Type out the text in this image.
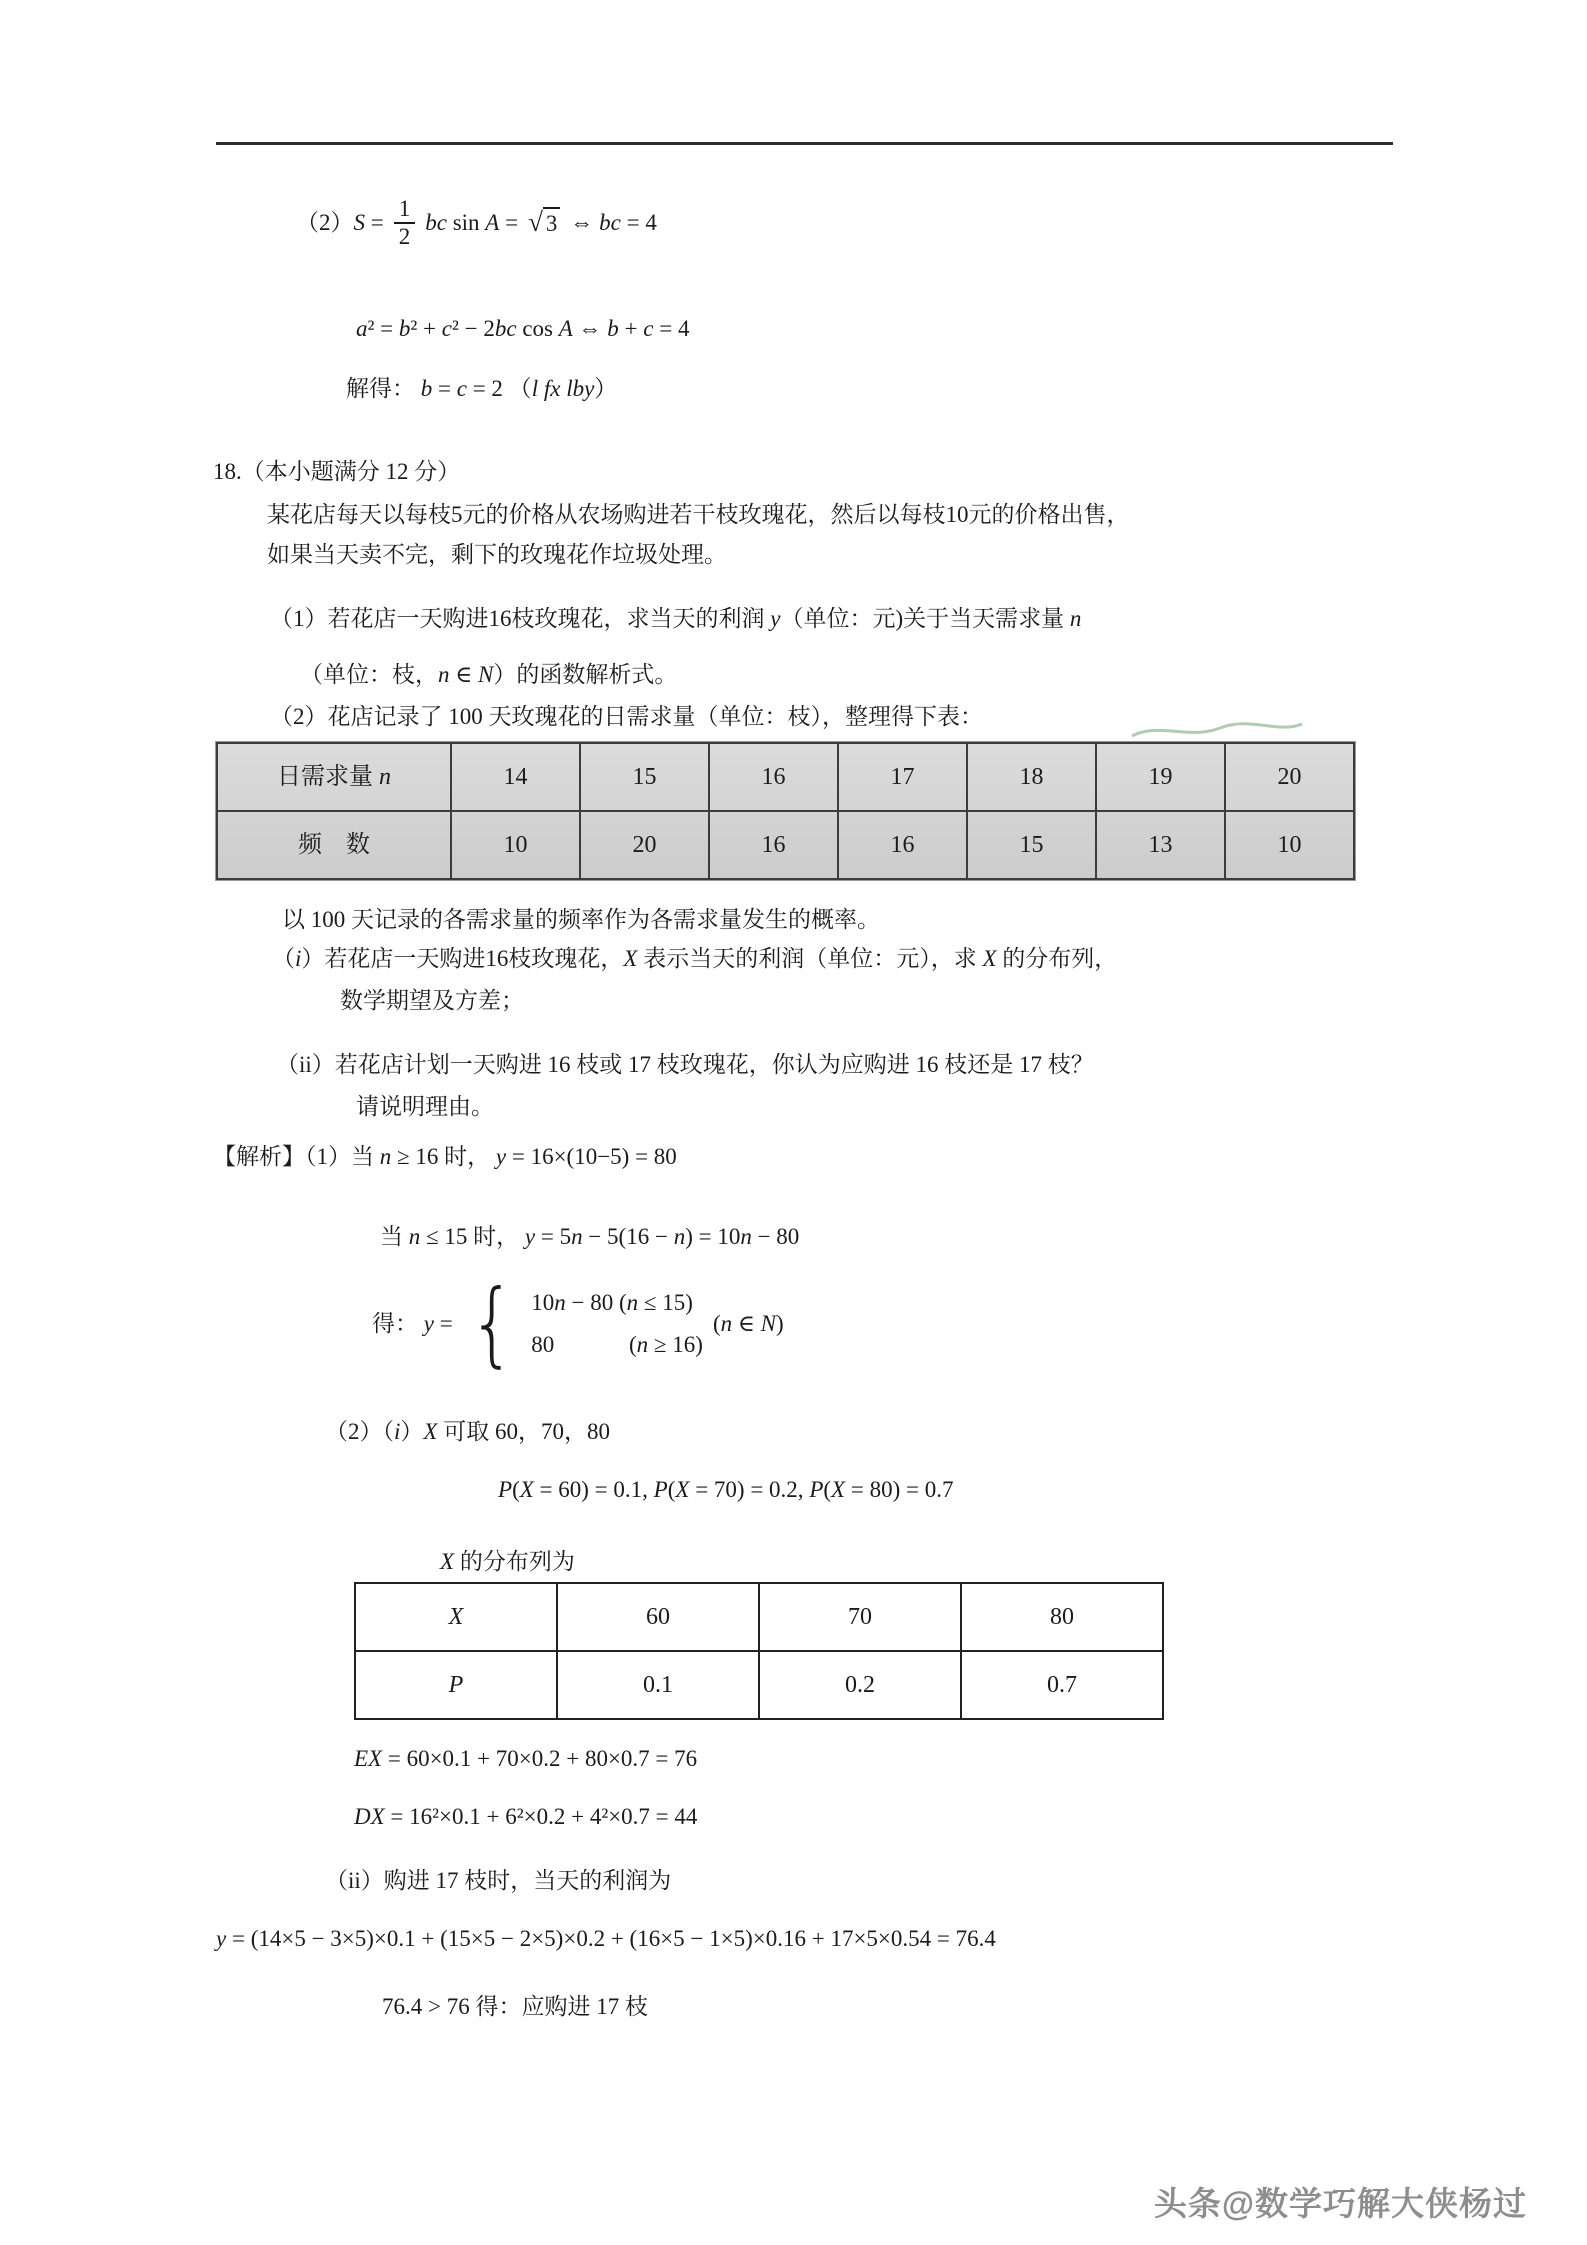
$(2)S = \frac{1}{2}$ bc sin A = √ 3 ⇔ bc = 4
a² = b² + c² − 2bc cos A ⇔ b + c = 4
解得： b = c = 2 （l fx lby）
18.（本小题满分 12 分）
某花店每天以每枝5元的价格从农场购进若干枝玫瑰花，然后以每枝10元的价格出售，
如果当天卖不完，剩下的玫瑰花作垃圾处理。
（1）若花店一天购进16枝玫瑰花，求当天的利润 y（单位：元)关于当天需求量 n
（单位：枝，n ∈ N）的函数解析式。
（2）花店记录了 100 天玫瑰花的日需求量（单位：枝），整理得下表：
日需求量 n	14	15	16	17	18	19	20
频　数	10	20	16	16	15	13	10
以 100 天记录的各需求量的频率作为各需求量发生的概率。
（i）若花店一天购进16枝玫瑰花，X 表示当天的利润（单位：元），求 X 的分布列，
数学期望及方差；
（ii）若花店计划一天购进 16 枝或 17 枝玫瑰花，你认为应购进 16 枝还是 17 枝？
请说明理由。
【解析】（1）当 n ≥ 16 时， y = 16×(10−5) = 80
当 n ≤ 15 时， y = 5n − 5(16 − n) = 10n − 80
得： y = { 10n − 80 (n ≤ 15)
80             (n ≥ 16)
(n ∈ N)
（2）（i）X 可取 60，70，80
P(X = 60) = 0.1, P(X = 70) = 0.2, P(X = 80) = 0.7
X 的分布列为
X	60	70	80
P	0.1	0.2	0.7
EX = 60×0.1 + 70×0.2 + 80×0.7 = 76
DX = 16²×0.1 + 6²×0.2 + 4²×0.7 = 44
（ii）购进 17 枝时，当天的利润为
y = (14×5 − 3×5)×0.1 + (15×5 − 2×5)×0.2 + (16×5 − 1×5)×0.16 + 17×5×0.54 = 76.4
76.4 > 76 得：应购进 17 枝
头条@数学巧解大侠杨过
